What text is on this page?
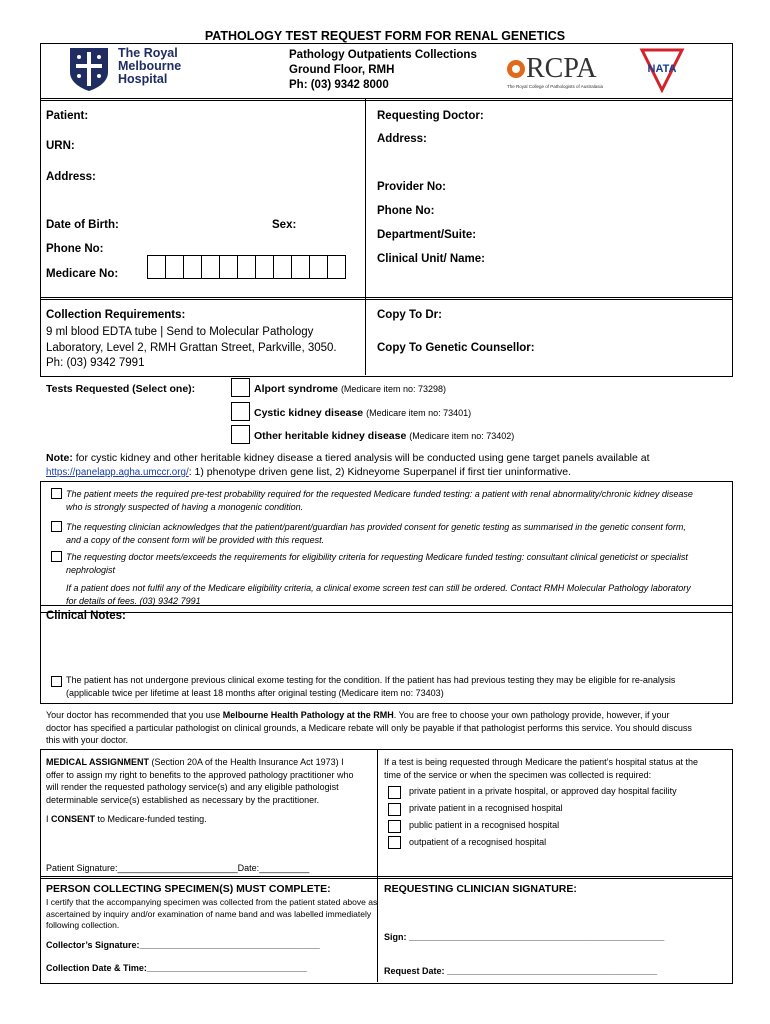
PATHOLOGY TEST REQUEST FORM FOR RENAL GENETICS
The Royal
Melbourne
Hospital
Pathology Outpatients Collections
Ground Floor, RMH
Ph: (03) 9342 8000
RCPA
The Royal College of Pathologists of Australasia
NATA
Patient:
URN:
Address:
Date of Birth:	Sex:
Phone No:
Medicare No:
Requesting Doctor:
Address:
Provider No:
Phone No:
Department/Suite:
Clinical Unit/ Name:
Collection Requirements:
9 ml blood EDTA tube | Send to Molecular Pathology
Laboratory, Level 2, RMH Grattan Street, Parkville, 3050.
Ph: (03) 9342 7991
Copy To Dr:
Copy To Genetic Counsellor:
Tests Requested (Select one):	Alport syndrome (Medicare item no: 73298)
Cystic kidney disease (Medicare item no: 73401)
Other heritable kidney disease (Medicare item no: 73402)
Note: for cystic kidney and other heritable kidney disease a tiered analysis will be conducted using gene target panels available at
https://panelapp.agha.umccr.org/: 1) phenotype driven gene list, 2) Kidneyome Superpanel if first tier uninformative.
The patient meets the required pre-test probability required for the requested Medicare funded testing: a patient with renal abnormality/chronic kidney disease
who is strongly suspected of having a monogenic condition.
The requesting clinician acknowledges that the patient/parent/guardian has provided consent for genetic testing as summarised in the genetic consent form,
and a copy of the consent form will be provided with this request.
The requesting doctor meets/exceeds the requirements for eligibility criteria for requesting Medicare funded testing: consultant clinical geneticist or specialist
nephrologist
If a patient does not fulfil any of the Medicare eligibility criteria, a clinical exome screen test can still be ordered. Contact RMH Molecular Pathology laboratory
for details of fees. (03) 9342 7991
Clinical Notes:
The patient has not undergone previous clinical exome testing for the condition. If the patient has had previous testing they may be eligible for re-analysis
(applicable twice per lifetime at least 18 months after original testing (Medicare item no: 73403)
Your doctor has recommended that you use Melbourne Health Pathology at the RMH. You are free to choose your own pathology provide, however, if your
doctor has specified a particular pathologist on clinical grounds, a Medicare rebate will only be payable if that pathologist performs this service. You should discuss
this with your doctor.
MEDICAL ASSIGNMENT (Section 20A of the Health Insurance Act 1973) I
offer to assign my right to benefits to the approved pathology practitioner who
will render the requested pathology service(s) and any eligible pathologist
determinable service(s) established as necessary by the practitioner.
I CONSENT to Medicare-funded testing.
Patient Signature:________________________Date:__________
If a test is being requested through Medicare the patient’s hospital status at the
time of the service or when the specimen was collected is required:
private patient in a private hospital, or approved day hospital facility
private patient in a recognised hospital
public patient in a recognised hospital
outpatient of a recognised hospital
PERSON COLLECTING SPECIMEN(S) MUST COMPLETE:
I certify that the accompanying specimen was collected from the patient stated above as
ascertained by inquiry and/or examination of name band and was labelled immediately
following collection.
Collector’s Signature:____________________________________
Collection Date & Time:________________________________
REQUESTING CLINICIAN SIGNATURE:
Sign: ___________________________________________________
Request Date: __________________________________________
